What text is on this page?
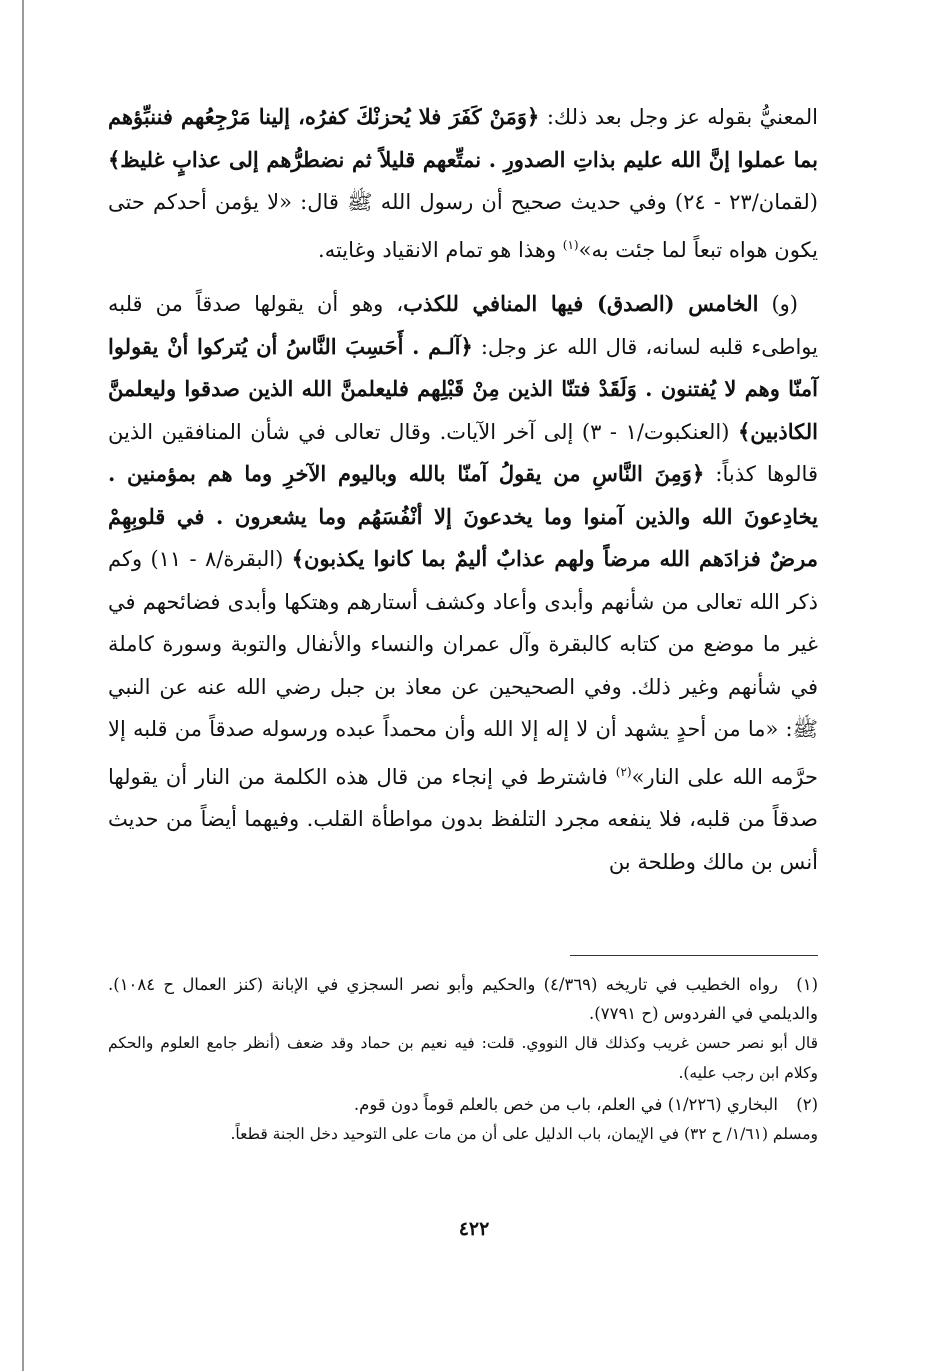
المعنيُّ بقوله عز وجل بعد ذلك: ﴿وَمَنْ كَفَرَ فلا يُحزنْكَ كفرُه، إلينا مَرْجِعُهم فننبِّؤهم بما عملوا إنَّ الله عليم بذاتِ الصدورِ . نمتِّعهم قليلاً ثم نضطرُّهم إلى عذابٍ غليظ﴾ (لقمان/٢٣ - ٢٤) وفي حديث صحيح أن رسول الله ﷺ قال: «لا يؤمن أحدكم حتى يكون هواه تبعاً لما جئت به»$^{(١)}$ وهذا هو تمام الانقياد وغايته.

(و) الخامس (الصدق) فيها المنافي للكذب، وهو أن يقولها صدقاً من قلبه يواطىء قلبه لسانه، قال الله عز وجل: ﴿آلـم . أَحَسِبَ النَّاسُ أن يُتركوا أنْ يقولوا آمنّا وهم لا يُفتنون . وَلَقَدْ فتنّا الذين مِنْ قَبْلِهم فليعلمنَّ الله الذين صدقوا وليعلمنَّ الكاذبين﴾ (العنكبوت/١ - ٣) إلى آخر الآيات. وقال تعالى في شأن المنافقين الذين قالوها كذباً: ﴿وَمِنَ النَّاسِ من يقولُ آمنّا بالله وباليوم الآخرِ وما هم بمؤمنين . يخادِعونَ الله والذين آمنوا وما يخدعونَ إلا أنْفُسَهُم وما يشعرون . في قلوبِهِمْ مرضٌ فزادَهم الله مرضاً ولهم عذابٌ أليمٌ بما كانوا يكذبون﴾ (البقرة/٨ - ١١) وكم ذكر الله تعالى من شأنهم وأبدى وأعاد وكشف أستارهم وهتكها وأبدى فضائحهم في غير ما موضع من كتابه كالبقرة وآل عمران والنساء والأنفال والتوبة وسورة كاملة في شأنهم وغير ذلك. وفي الصحيحين عن معاذ بن جبل رضي الله عنه عن النبي ﷺ: «ما من أحدٍ يشهد أن لا إله إلا الله وأن محمداً عبده ورسوله صدقاً من قلبه إلا حرَّمه الله على النار»$^{(٢)}$ فاشترط في إنجاء من قال هذه الكلمة من النار أن يقولها صدقاً من قلبه، فلا ينفعه مجرد التلفظ بدون مواطأة القلب. وفيهما أيضاً من حديث أنس بن مالك وطلحة بن

(١)رواه الخطيب في تاريخه (٤/٣٦٩) والحكيم وأبو نصر السجزي في الإبانة (كنز العمال ح ١٠٨٤). والديلمي في الفردوس (ح ٧٧٩١).
قال أبو نصر حسن غريب وكذلك قال النووي. قلت: فيه نعيم بن حماد وقد ضعف (أنظر جامع العلوم والحكم وكلام ابن رجب عليه).
(٢)البخاري (١/٢٢٦) في العلم، باب من خص بالعلم قوماً دون قوم.
ومسلم (١/٦١/ ح ٣٢) في الإيمان، باب الدليل على أن من مات على التوحيد دخل الجنة قطعاً.
٤٢٢
